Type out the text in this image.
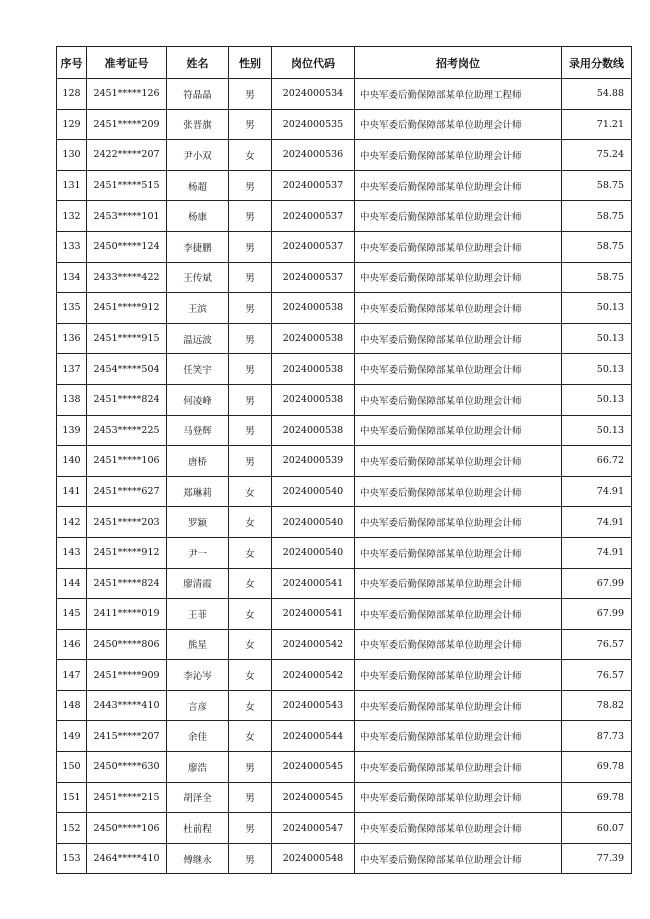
序号	准考证号	姓名	性别	岗位代码	招考岗位	录用分数线
128	2451*****126	符晶晶	男	2024000534	中央军委后勤保障部某单位助理工程师	54.88
129	2451*****209	张晋旗	男	2024000535	中央军委后勤保障部某单位助理会计师	71.21
130	2422*****207	尹小双	女	2024000536	中央军委后勤保障部某单位助理会计师	75.24
131	2451*****515	杨超	男	2024000537	中央军委后勤保障部某单位助理会计师	58.75
132	2453*****101	杨康	男	2024000537	中央军委后勤保障部某单位助理会计师	58.75
133	2450*****124	李捷鹏	男	2024000537	中央军委后勤保障部某单位助理会计师	58.75
134	2433*****422	王传斌	男	2024000537	中央军委后勤保障部某单位助理会计师	58.75
135	2451*****912	王滨	男	2024000538	中央军委后勤保障部某单位助理会计师	50.13
136	2451*****915	温远波	男	2024000538	中央军委后勤保障部某单位助理会计师	50.13
137	2454*****504	任笑宇	男	2024000538	中央军委后勤保障部某单位助理会计师	50.13
138	2451*****824	何凌峰	男	2024000538	中央军委后勤保障部某单位助理会计师	50.13
139	2453*****225	马登辉	男	2024000538	中央军委后勤保障部某单位助理会计师	50.13
140	2451*****106	唐桥	男	2024000539	中央军委后勤保障部某单位助理会计师	66.72
141	2451*****627	郑琳莉	女	2024000540	中央军委后勤保障部某单位助理会计师	74.91
142	2451*****203	罗颖	女	2024000540	中央军委后勤保障部某单位助理会计师	74.91
143	2451*****912	尹一	女	2024000540	中央军委后勤保障部某单位助理会计师	74.91
144	2451*****824	廖清霞	女	2024000541	中央军委后勤保障部某单位助理会计师	67.99
145	2411*****019	王菲	女	2024000541	中央军委后勤保障部某单位助理会计师	67.99
146	2450*****806	熊星	女	2024000542	中央军委后勤保障部某单位助理会计师	76.57
147	2451*****909	李沁岑	女	2024000542	中央军委后勤保障部某单位助理会计师	76.57
148	2443*****410	言彦	女	2024000543	中央军委后勤保障部某单位助理会计师	78.82
149	2415*****207	余佳	女	2024000544	中央军委后勤保障部某单位助理会计师	87.73
150	2450*****630	廖浩	男	2024000545	中央军委后勤保障部某单位助理会计师	69.78
151	2451*****215	胡泽全	男	2024000545	中央军委后勤保障部某单位助理会计师	69.78
152	2450*****106	杜前程	男	2024000547	中央军委后勤保障部某单位助理会计师	60.07
153	2464*****410	傅继永	男	2024000548	中央军委后勤保障部某单位助理会计师	77.39
